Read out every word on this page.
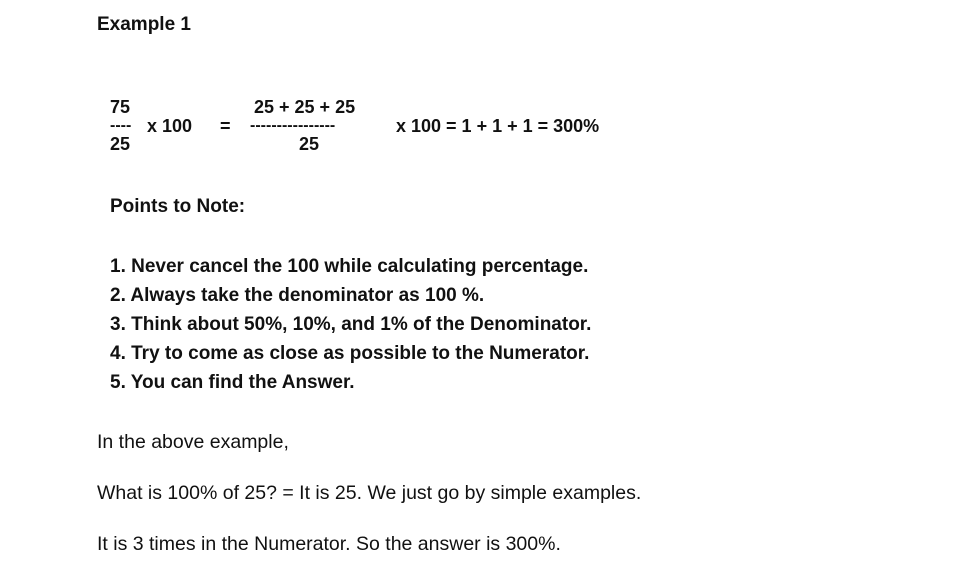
Example 1
75
----
25
x 100 =
25 + 25 + 25
----------------
25
x 100 = 1 + 1 + 1 = 300%
Points to Note:
1. Never cancel the 100 while calculating percentage.
2. Always take the denominator as 100 %.
3. Think about 50%, 10%, and 1% of the Denominator.
4. Try to come as close as possible to the Numerator.
5. You can find the Answer.
In the above example,
What is 100% of 25? = It is 25. We just go by simple examples.
It is 3 times in the Numerator. So the answer is 300%.
